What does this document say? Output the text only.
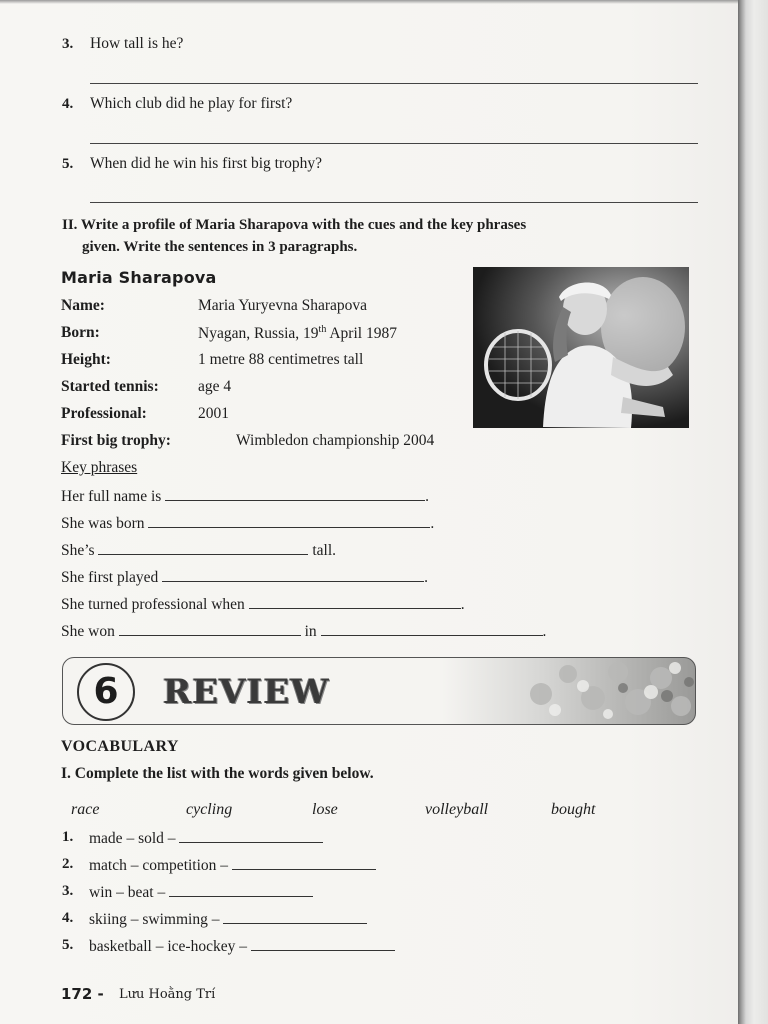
3. How tall is he?
4. Which club did he play for first?
5. When did he win his first big trophy?
II. Write a profile of Maria Sharapova with the cues and the key phrases
given. Write the sentences in 3 paragraphs.
Maria Sharapova
Name:	Maria Yuryevna Sharapova
Born:	Nyagan, Russia, 19th April 1987
Height:	1 metre 88 centimetres tall
Started tennis:	age 4
Professional:	2001
First big trophy:	Wimbledon championship 2004
Key phrases
Her full name is	.
She was born	.
She’s	tall.
She first played	.
She turned professional when	.
She won	in	.
6	REVIEW
VOCABULARY
I. Complete the list with the words given below.
race	cycling	lose	volleyball	bought
1. made – sold –
2. match – competition –
3. win – beat –
4. skiing – swimming –
5. basketball – ice-hockey –
172 - Lưu Hoằng Trí
